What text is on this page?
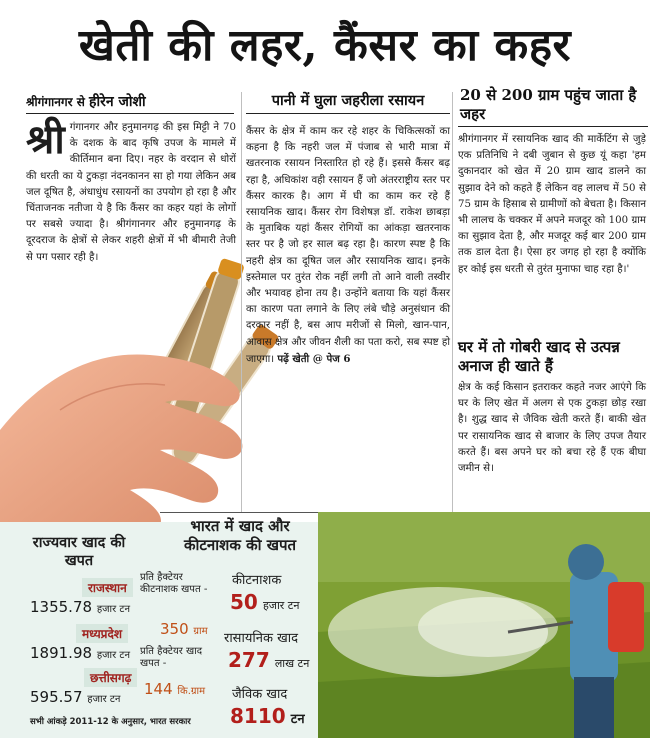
खेती की लहर, कैंसर का कहर
श्रीगंगानगर से हीरेन जोशी
श्री गंगानगर और हनुमानगढ़ की इस मिट्टी ने 70 के दशक के बाद कृषि उपज के मामले में कीर्तिमान बना दिए। नहर के वरदान से धोरों की धरती का ये टुकड़ा नंदनकानन सा हो गया लेकिन अब जल दूषित है, अंधाधुंध रसायनों का उपयोग हो रहा है और चिंताजनक नतीजा ये है कि कैंसर का कहर यहां के लोगों पर सबसे ज्यादा है। श्रीगंगानगर और हनुमानगढ़ के दूरदराज के क्षेत्रों से लेकर शहरी क्षेत्रों में भी बीमारी तेजी से पग पसार रही है।
पानी में घुला जहरीला रसायन
कैंसर के क्षेत्र में काम कर रहे शहर के चिकित्सकों का कहना है कि नहरी जल में पंजाब से भारी मात्रा में खतरनाक रसायन निस्तारित हो रहे हैं। इससे कैंसर बढ़ रहा है, अधिकांश वही रसायन हैं जो अंतरराष्ट्रीय स्तर पर कैंसर कारक है। आग में घी का काम कर रहे हैं रसायनिक खाद। कैंसर रोग विशेषज्ञ डॉ. राकेश छाबड़ा के मुताबिक यहां कैंसर रोगियों का आंकड़ा खतरनाक स्तर पर है जो हर साल बढ़ रहा है। कारण स्पष्ट है कि नहरी क्षेत्र का दूषित जल और रसायनिक खाद। इनके इस्तेमाल पर तुरंत रोक नहीं लगी तो आने वाली तस्वीर और भयावह होना तय है। उन्होंने बताया कि यहां कैंसर का कारण पता लगाने के लिए लंबे चौड़े अनुसंधान की दरकार नहीं है, बस आप मरीजों से मिलो, खान-पान, आवास क्षेत्र और जीवन शैली का पता करो, सब स्पष्ट हो जाएगा। पढ़ें खेती @ पेज 6
20 से 200 ग्राम पहुंच जाता है जहर
श्रीगंगानगर में रसायनिक खाद की मार्केटिंग से जुड़े एक प्रतिनिधि ने दबी जुबान से कुछ यूं कहा 'हम दुकानदार को खेत में 20 ग्राम खाद डालने का सुझाव देने को कहते हैं लेकिन वह लालच में 50 से 75 ग्राम के हिसाब से ग्रामीणों को बेचता है। किसान भी लालच के चक्कर में अपने मजदूर को 100 ग्राम का सुझाव देता है, और मजदूर कई बार 200 ग्राम तक डाल देता है। ऐसा हर जगह हो रहा है क्योंकि हर कोई इस धरती से तुरंत मुनाफा चाह रहा है।'
घर में तो गोबरी खाद से उत्पन्न अनाज ही खाते हैं
क्षेत्र के कई किसान इतराकर कहते नजर आएंगे कि घर के लिए खेत में अलग से एक टुकड़ा छोड़ रखा है। शुद्ध खाद से जैविक खेती करते हैं। बाकी खेत पर रासायनिक खाद से बाजार के लिए उपज तैयार करते हैं। बस अपने घर को बचा रहे हैं एक बीघा जमीन से।
राज्यवार खाद की खपत
भारत में खाद और कीटनाशक की खपत
राजस्थान
1355.78 हजार टन
मध्यप्रदेश
1891.98 हजार टन
छत्तीसगढ़
595.57 हजार टन
प्रति हैक्टेयर कीटनाशक खपत -
350 ग्राम
प्रति हैक्टेयर खाद खपत -
144 कि.ग्राम
कीटनाशक
50 हजार टन
रासायनिक खाद
277 लाख टन
जैविक खाद
8110 टन
सभी आंकड़े 2011-12 के अनुसार, भारत सरकार
